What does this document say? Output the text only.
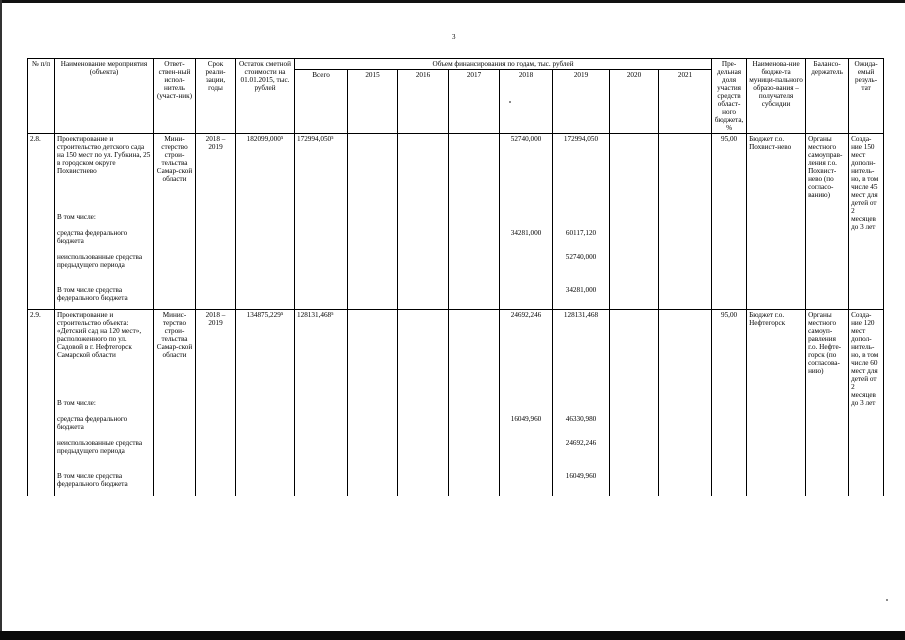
3
№ п/п	Наименование мероприятия (объекта)	Ответ-ствен-ный испол-нитель (участ-ник)	Срок реали-зации, годы	Остаток сметной стоимости на 01.01.2015, тыс. рублей	Объем финансирования по годам, тыс. рублей								Пре-дельная доля участия средств област-ного бюджета, %	Наименова-ние бюдже-та муници-пального образо-вания – получателя субсидии	Балансо-держатель	Ожида-емый резуль-тат
					Всего	2015	2016	2017	2018	2019	2020	2021				
2.8.	Проектирование и строительство детского сада на 150 мест по ул. Губкина, 25 в городском округе Похвистнево	Мини-стерство строи-тельства Самар-ской области	2018 – 2019	182099,000⁵	172994,050⁵				52740,000	172994,050			95,00	Бюджет г.о. Похвист-нево	Органы местного самоуправ-ления г.о. Похвист-нево (по согласо-ванию)	Созда-ние 150 мест дополн-нитель-но, в том числе 45 мест для детей от 2 месяцев до 3 лет
	В том числе:															
	средства федерального бюджета								34281,000	60117,120						
	неиспользованные средства предыдущего периода									52740,000						
	В том числе средства федерального бюджета									34281,000						
2.9.	Проектирование и строительство объекта: «Детский сад на 120 мест», расположенного по ул. Садовой в г. Нефтегорск Самарской области	Минис-терство строи-тельства Самар-ской области	2018 – 2019	134875,229⁵	128131,468⁵				24692,246	128131,468			95,00	Бюджет г.о. Нефтегорск	Органы местного самоуп-равления г.о. Нефте-горск (по согласова-нию)	Созда-ние 120 мест допол-нитель-но, в том числе 60 мест для детей от 2 месяцев до 3 лет
	В том числе:															
	средства федерального бюджета								16049,960	46330,980						
	неиспользованные средства предыдущего периода									24692,246						
	В том числе средства федерального бюджета									16049,960						
